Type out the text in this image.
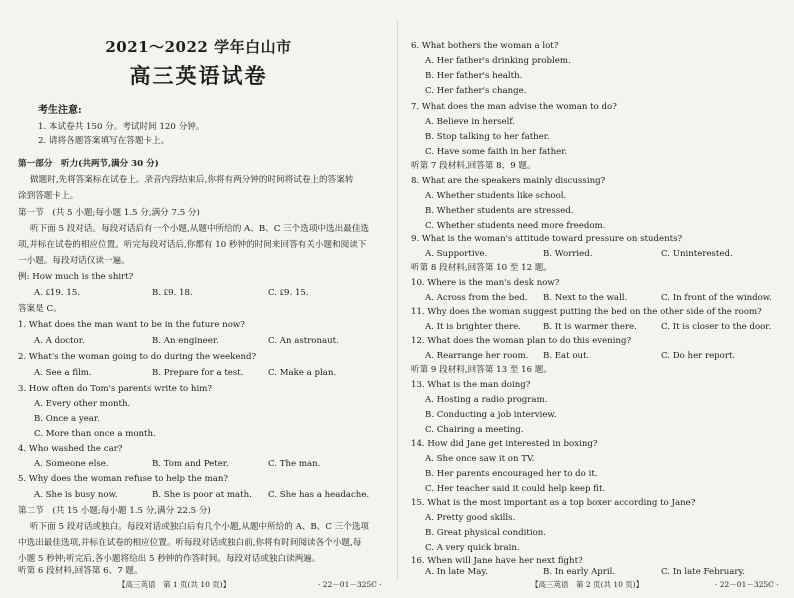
2021～2022 学年白山市
高三英语试卷
考生注意:
1. 本试卷共 150 分。考试时间 120 分钟。
2. 请将各题答案填写在答题卡上。
第一部分　听力(共两节,满分 30 分)
做题时,先将答案标在试卷上。录音内容结束后,你将有两分钟的时间将试卷上的答案转
涂到答题卡上。
第一节　(共 5 小题;每小题 1.5 分,满分 7.5 分)
听下面 5 段对话。每段对话后有一个小题,从题中所给的 A、B、C 三个选项中选出最佳选
项,并标在试卷的相应位置。听完每段对话后,你都有 10 秒钟的时间来回答有关小题和阅读下
一小题。每段对话仅读一遍。
例: How much is the shirt?
A. ₤19. 15.	B. ₤9. 18.	C. ₤9. 15.
答案是 C。
1. What does the man want to be in the future now?
A. A doctor.	B. An engineer.	C. An astronaut.
2. What's the woman going to do during the weekend?
A. See a film.	B. Prepare for a test.	C. Make a plan.
3. How often do Tom's parents write to him?
A. Every other month.
B. Once a year.
C. More than once a month.
4. Who washed the car?
A. Someone else.	B. Tom and Peter.	C. The man.
5. Why does the woman refuse to help the man?
A. She is busy now.	B. She is poor at math. C. She has a headache.
第二节　(共 15 小题;每小题 1.5 分,满分 22.5 分)
听下面 5 段对话或独白。每段对话或独白后有几个小题,从题中所给的 A、B、C 三个选项
中选出最佳选项,并标在试卷的相应位置。听每段对话或独白前,你将有时间阅读各个小题,每
小题 5 秒钟;听完后,各小题将给出 5 秒钟的作答时间。每段对话或独白读两遍。
听第 6 段材料,回答第 6、7 题。
【高三英语　第 1 页(共 10 页)】	· 22－01－325C ·
6. What bothers the woman a lot?
A. Her father's drinking problem.
B. Her father's health.
C. Her father's change.
7. What does the man advise the woman to do?
A. Believe in herself.
B. Stop talking to her father.
C. Have some faith in her father.
听第 7 段材料,回答第 8、9 题。
8. What are the speakers mainly discussing?
A. Whether students like school.
B. Whether students are stressed.
C. Whether students need more freedom.
9. What is the woman's attitude toward pressure on students?
A. Supportive.	B. Worried.	C. Uninterested.
听第 8 段材料,回答第 10 至 12 题。
10. Where is the man's desk now?
A. Across from the bed. B. Next to the wall.	C. In front of the window.
11. Why does the woman suggest putting the bed on the other side of the room?
A. It is brighter there.	B. It is warmer there.	C. It is closer to the door.
12. What does the woman plan to do this evening?
A. Rearrange her room. B. Eat out.	C. Do her report.
听第 9 段材料,回答第 13 至 16 题。
13. What is the man doing?
A. Hosting a radio program.
B. Conducting a job interview.
C. Chairing a meeting.
14. How did Jane get interested in boxing?
A. She once saw it on TV.
B. Her parents encouraged her to do it.
C. Her teacher said it could help keep fit.
15. What is the most important as a top boxer according to Jane?
A. Pretty good skills.
B. Great physical condition.
C. A very quick brain.
16. When will Jane have her next fight?
A. In late May.	B. In early April.	C. In late February.
【高三英语　第 2 页(共 10 页)】	· 22－01－325C ·
